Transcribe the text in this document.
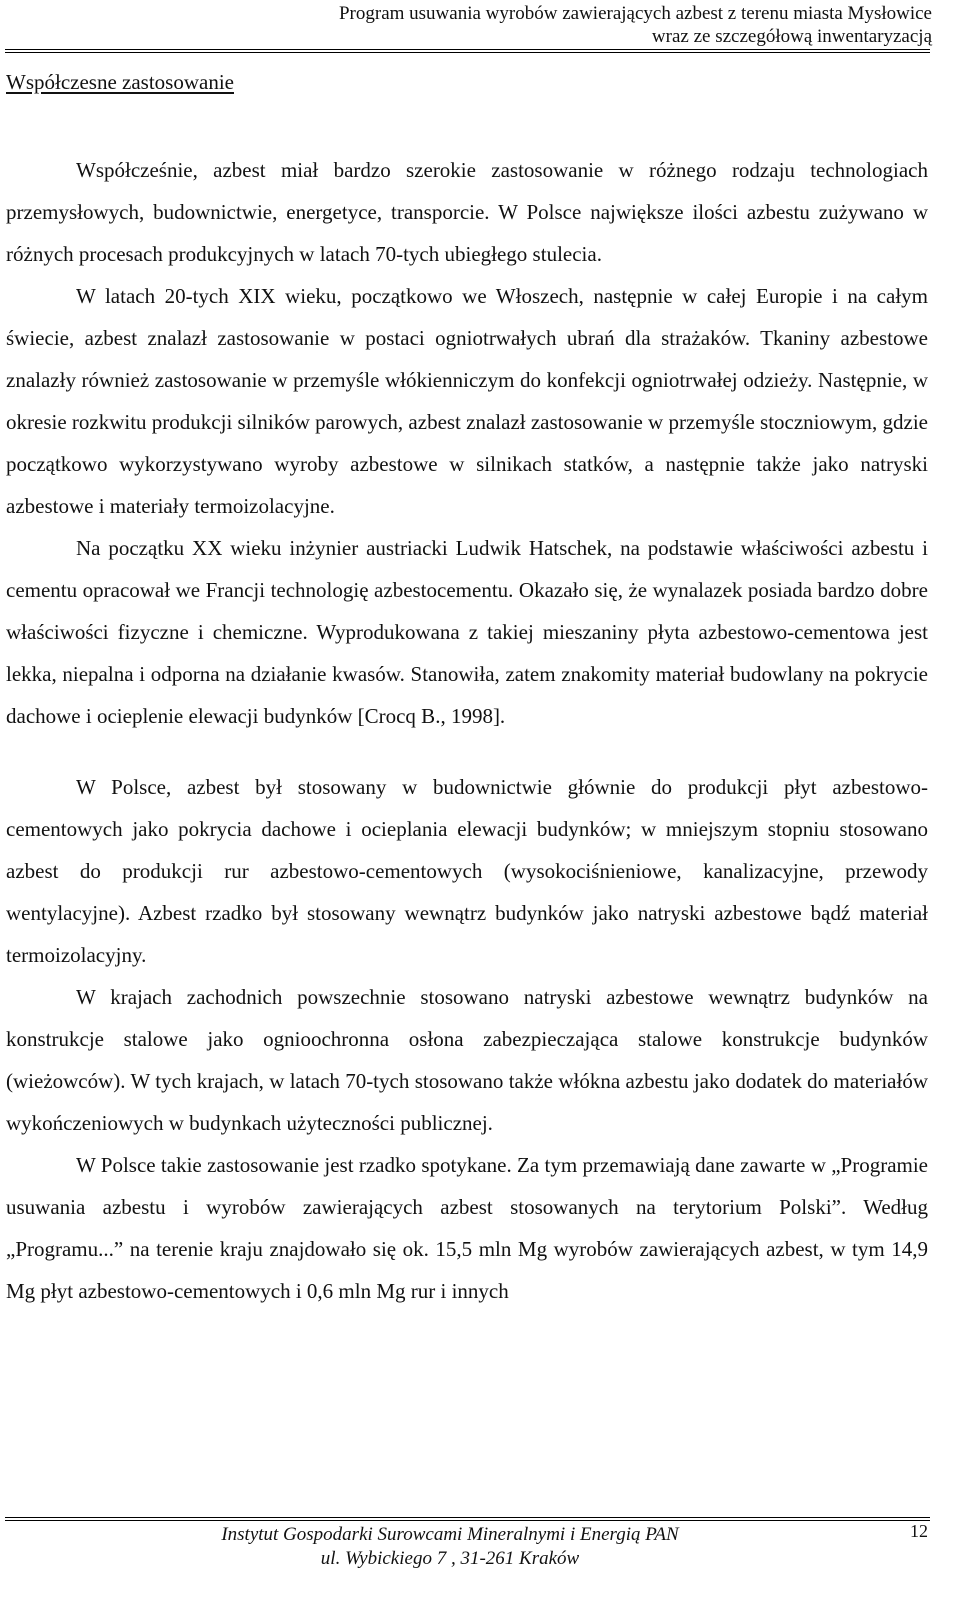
Program usuwania wyrobów zawierających azbest z terenu miasta Mysłowice
wraz ze szczegółową inwentaryzacją
Współczesne zastosowanie

Współcześnie, azbest miał bardzo szerokie zastosowanie w różnego rodzaju technologiach przemysłowych, budownictwie, energetyce, transporcie. W Polsce największe ilości azbestu zużywano w różnych procesach produkcyjnych w latach 70-tych ubiegłego stulecia.

W latach 20-tych XIX wieku, początkowo we Włoszech, następnie w całej Europie i na całym świecie, azbest znalazł zastosowanie w postaci ogniotrwałych ubrań dla strażaków. Tkaniny azbestowe znalazły również zastosowanie w przemyśle włókienniczym do konfekcji ogniotrwałej odzieży. Następnie, w okresie rozkwitu produkcji silników parowych, azbest znalazł zastosowanie w przemyśle stoczniowym, gdzie początkowo wykorzystywano wyroby azbestowe w silnikach statków, a następnie także jako natryski azbestowe i materiały termoizolacyjne.

Na początku XX wieku inżynier austriacki Ludwik Hatschek, na podstawie właściwości azbestu i cementu opracował we Francji technologię azbestocementu. Okazało się, że wynalazek posiada bardzo dobre właściwości fizyczne i chemiczne. Wyprodukowana z takiej mieszaniny płyta azbestowo-cementowa jest lekka, niepalna i odporna na działanie kwasów. Stanowiła, zatem znakomity materiał budowlany na pokrycie dachowe i ocieplenie elewacji budynków [Crocq B., 1998].

W Polsce, azbest był stosowany w budownictwie głównie do produkcji płyt azbestowo-cementowych jako pokrycia dachowe i ocieplania elewacji budynków; w mniejszym stopniu stosowano azbest do produkcji rur azbestowo-cementowych (wysokociśnieniowe, kanalizacyjne, przewody wentylacyjne). Azbest rzadko był stosowany wewnątrz budynków jako natryski azbestowe bądź materiał termoizolacyjny.

W krajach zachodnich powszechnie stosowano natryski azbestowe wewnątrz budynków na konstrukcje stalowe jako ognioochronna osłona zabezpieczająca stalowe konstrukcje budynków (wieżowców). W tych krajach, w latach 70-tych stosowano także włókna azbestu jako dodatek do materiałów wykończeniowych w budynkach użyteczności publicznej.

W Polsce takie zastosowanie jest rzadko spotykane. Za tym przemawiają dane zawarte w „Programie usuwania azbestu i wyrobów zawierających azbest stosowanych na terytorium Polski”. Według „Programu...” na terenie kraju znajdowało się ok. 15,5 mln Mg wyrobów zawierających azbest, w tym 14,9 Mg płyt azbestowo-cementowych i 0,6 mln Mg rur i innych

Instytut Gospodarki Surowcami Mineralnymi i Energią PAN
ul. Wybickiego 7 , 31-261 Kraków
12
